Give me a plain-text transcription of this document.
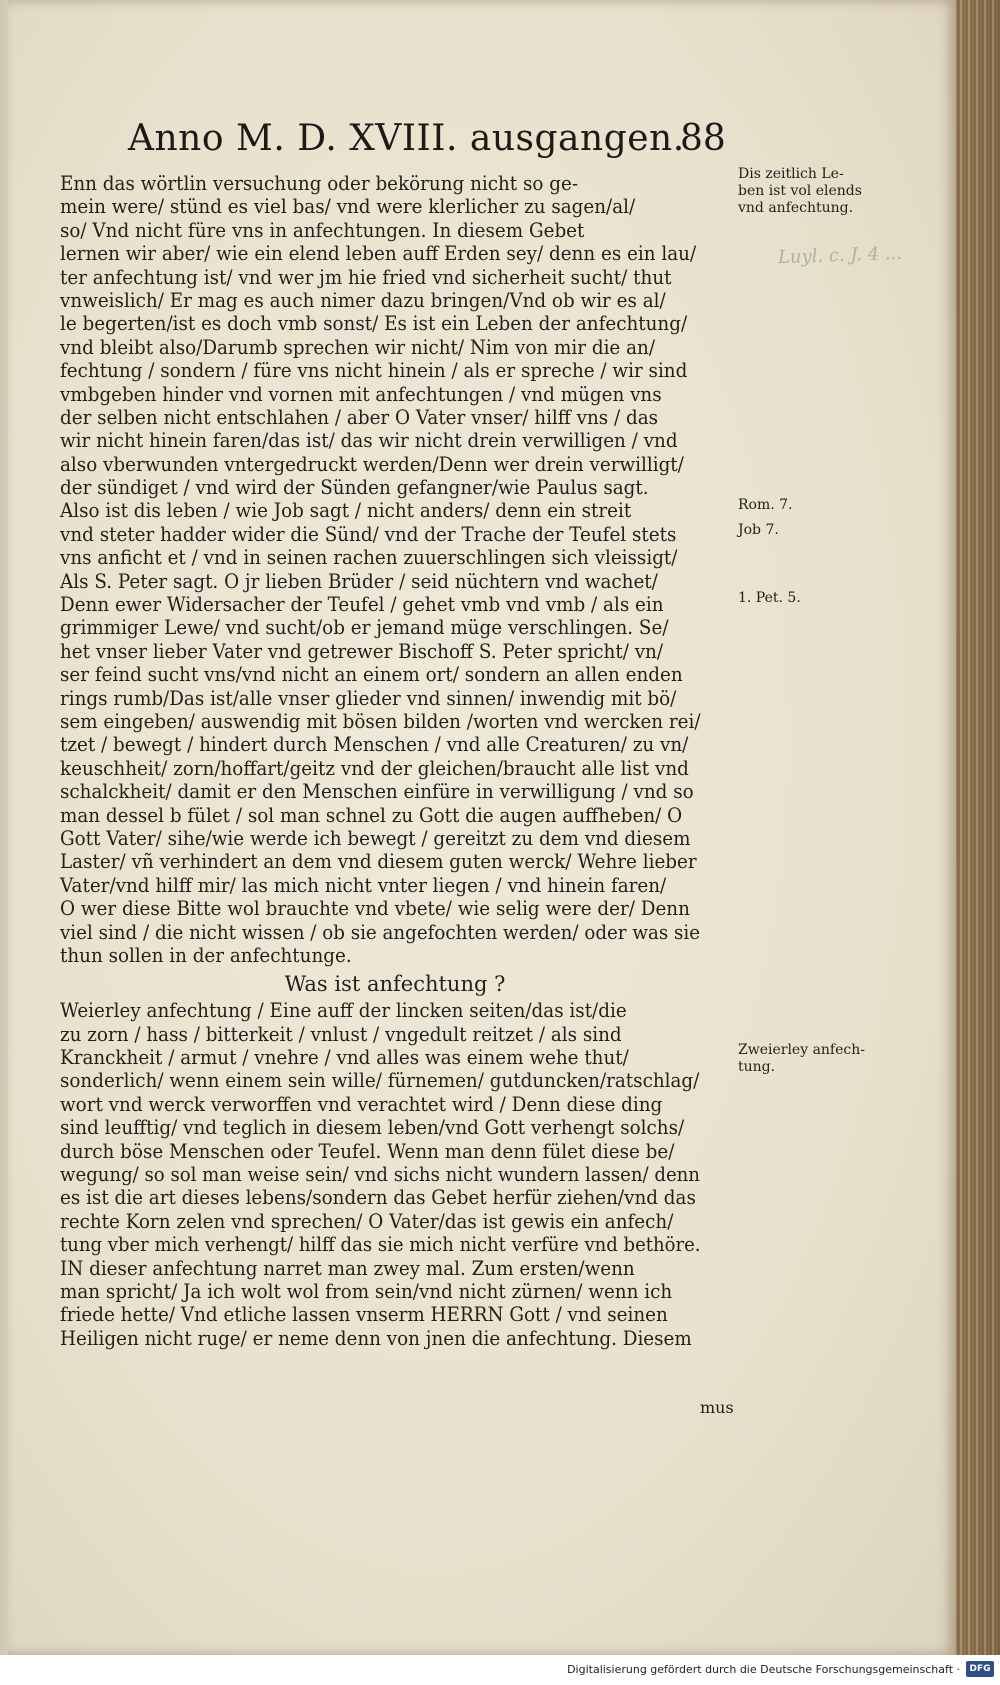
Anno M. D. XVIII. ausgangen.
88
Enn das wörtlin versuchung oder bekörung nicht so ge-
mein were/ stünd es viel bas/ vnd were klerlicher zu sagen/al/
so/ Vnd nicht füre vns in anfechtungen. In diesem Gebet
lernen wir aber/ wie ein elend leben auff Erden sey/ denn es ein lau/
ter anfechtung ist/ vnd wer jm hie fried vnd sicherheit sucht/ thut
vnweislich/ Er mag es auch nimer dazu bringen/Vnd ob wir es al/
le begerten/ist es doch vmb sonst/ Es ist ein Leben der anfechtung/
vnd bleibt also/Darumb sprechen wir nicht/ Nim von mir die an/
fechtung / sondern / füre vns nicht hinein / als er spreche / wir sind
vmbgeben hinder vnd vornen mit anfechtungen / vnd mügen vns
der selben nicht entschlahen / aber O Vater vnser/ hilff vns / das
wir nicht hinein faren/das ist/ das wir nicht drein verwilligen / vnd
also vberwunden vntergedruckt werden/Denn wer drein verwilligt/
der sündiget / vnd wird der Sünden gefangner/wie Paulus sagt.
Also ist dis leben / wie Job sagt / nicht anders/ denn ein streit
vnd steter hadder wider die Sünd/ vnd der Trache der Teufel stets
vns anficht et / vnd in seinen rachen zuuerschlingen sich vleissigt/
Als S. Peter sagt. O jr lieben Brüder / seid nüchtern vnd wachet/
Denn ewer Widersacher der Teufel / gehet vmb vnd vmb / als ein
grimmiger Lewe/ vnd sucht/ob er jemand müge verschlingen. Se/
het vnser lieber Vater vnd getrewer Bischoff S. Peter spricht/ vn/
ser feind sucht vns/vnd nicht an einem ort/ sondern an allen enden
rings rumb/Das ist/alle vnser glieder vnd sinnen/ inwendig mit bö/
sem eingeben/ auswendig mit bösen bilden /worten vnd wercken rei/
tzet / bewegt / hindert durch Menschen / vnd alle Creaturen/ zu vn/
keuschheit/ zorn/hoffart/geitz vnd der gleichen/braucht alle list vnd
schalckheit/ damit er den Menschen einfüre in verwilligung / vnd so
man dessel b fület / sol man schnel zu Gott die augen auffheben/ O
Gott Vater/ sihe/wie werde ich bewegt / gereitzt zu dem vnd diesem
Laster/ vñ verhindert an dem vnd diesem guten werck/ Wehre lieber
Vater/vnd hilff mir/ las mich nicht vnter liegen / vnd hinein faren/
O wer diese Bitte wol brauchte vnd vbete/ wie selig were der/ Denn
viel sind / die nicht wissen / ob sie angefochten werden/ oder was sie
thun sollen in der anfechtunge.
Was ist anfechtung ?
Weierley anfechtung / Eine auff der lincken seiten/das ist/die
zu zorn / hass / bitterkeit / vnlust / vngedult reitzet / als sind
Kranckheit / armut / vnehre / vnd alles was einem wehe thut/
sonderlich/ wenn einem sein wille/ fürnemen/ gutduncken/ratschlag/
wort vnd werck verworffen vnd verachtet wird / Denn diese ding
sind leufftig/ vnd teglich in diesem leben/vnd Gott verhengt solchs/
durch böse Menschen oder Teufel. Wenn man denn fület diese be/
wegung/ so sol man weise sein/ vnd sichs nicht wundern lassen/ denn
es ist die art dieses lebens/sondern das Gebet herfür ziehen/vnd das
rechte Korn zelen vnd sprechen/ O Vater/das ist gewis ein anfech/
tung vber mich verhengt/ hilff das sie mich nicht verfüre vnd bethöre.
IN dieser anfechtung narret man zwey mal. Zum ersten/wenn
man spricht/ Ja ich wolt wol from sein/vnd nicht zürnen/ wenn ich
friede hette/ Vnd etliche lassen vnserm HERRN Gott / vnd seinen
Heiligen nicht ruge/ er neme denn von jnen die anfechtung. Diesem
Dis zeitlich Le-
ben ist vol elends
vnd anfechtung.
Rom. 7.
Job 7.
1. Pet. 5.
Zweierley anfech-
tung.
Luyl. c. J. 4 ...
mus
Digitalisierung gefördert durch die Deutsche Forschungsgemeinschaft ·	DFG
